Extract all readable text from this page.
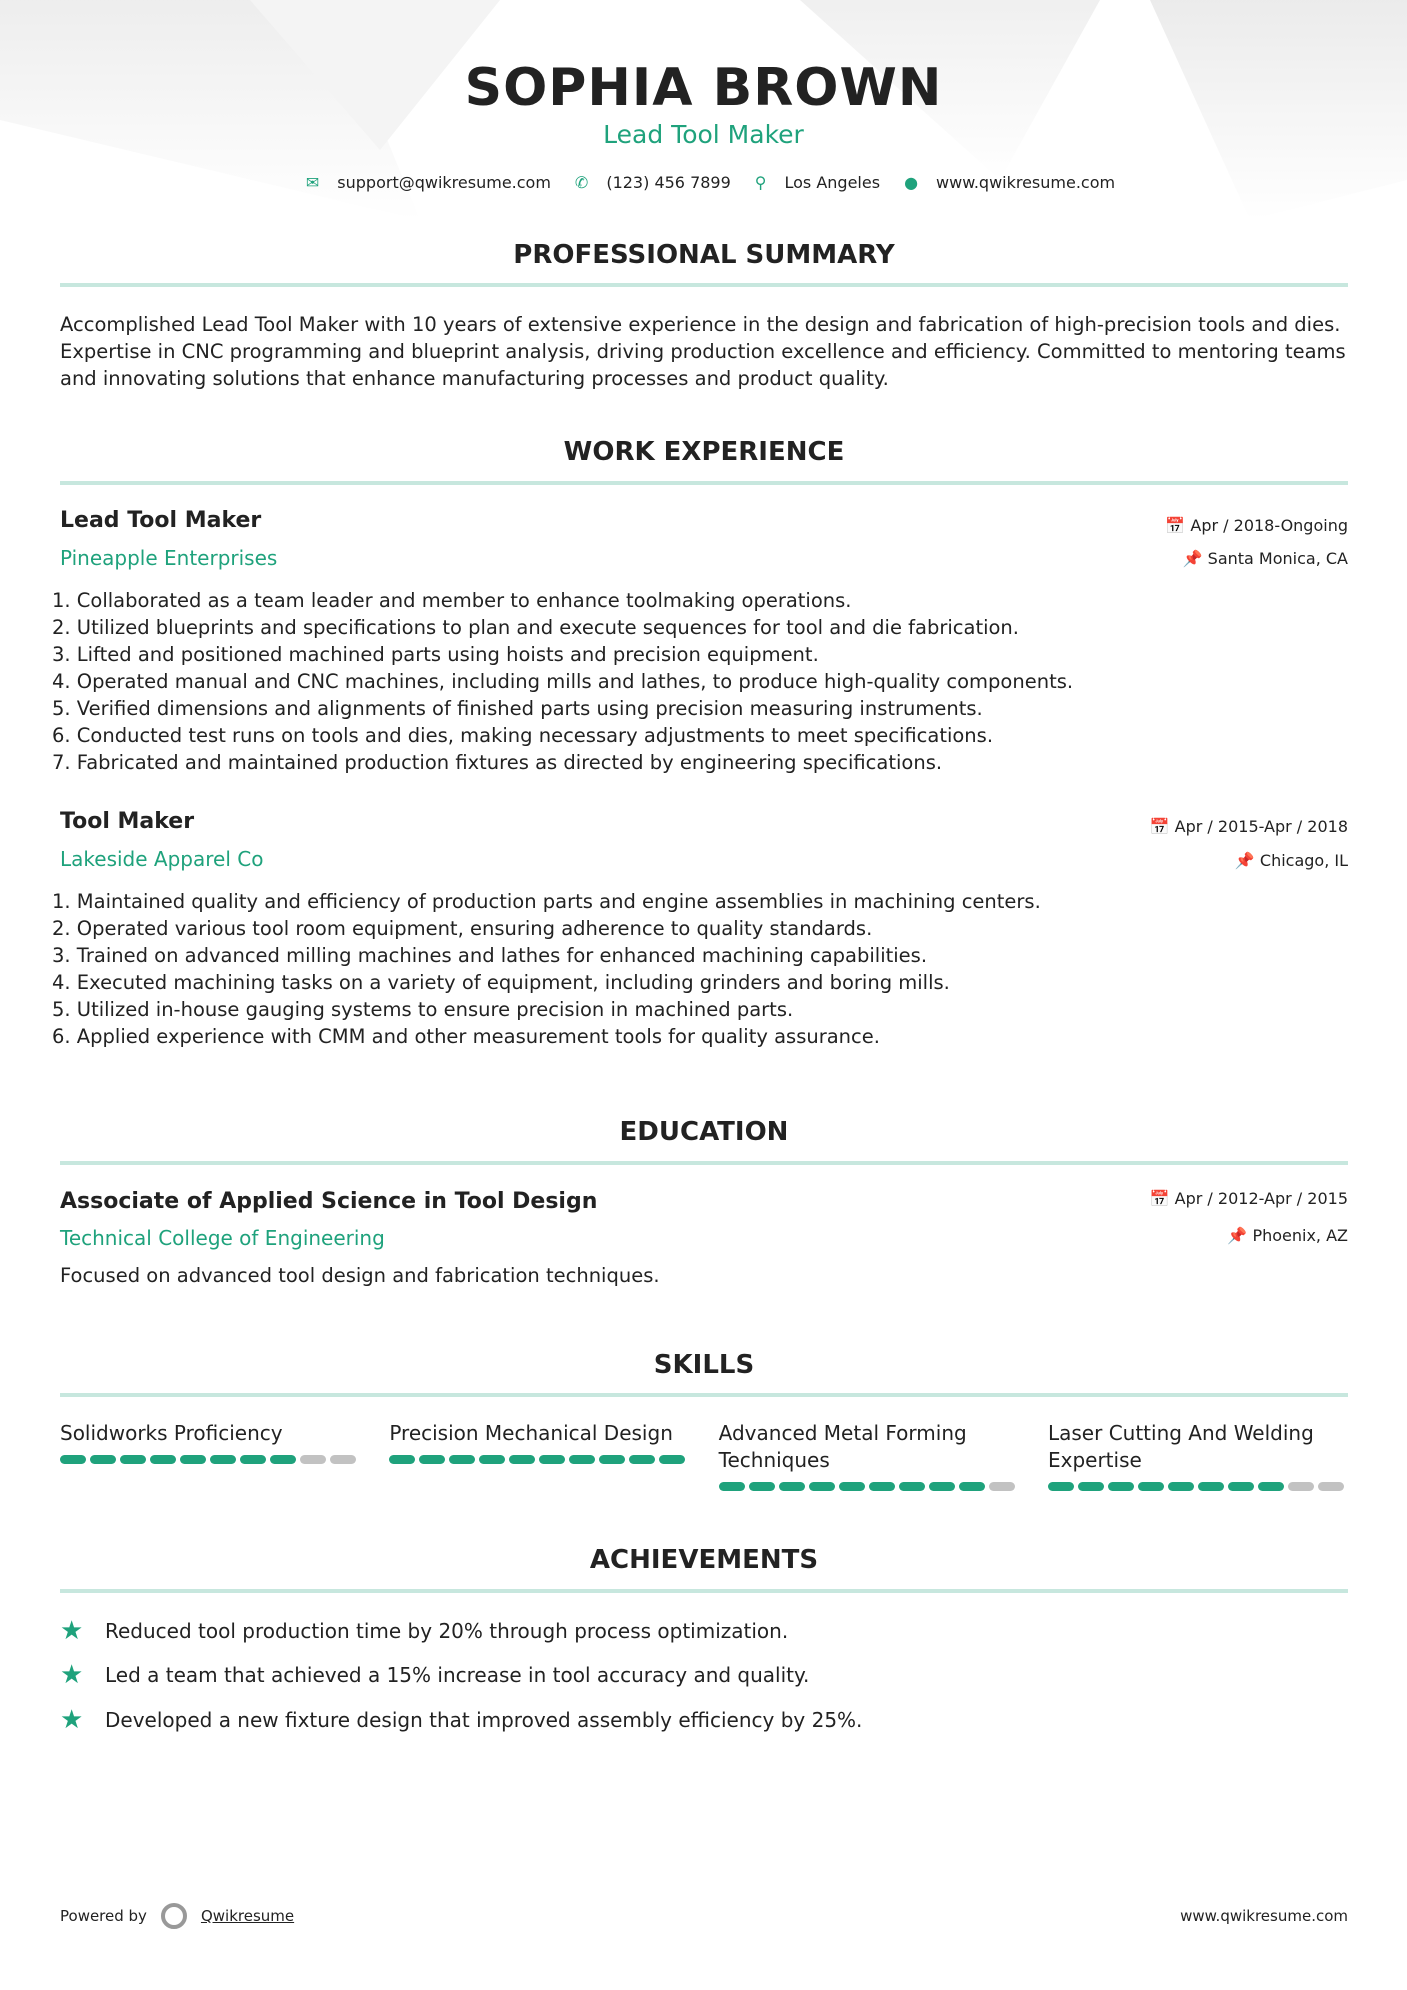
SOPHIA BROWN
Lead Tool Maker
✉ support@qwikresume.com ✆ (123) 456 7899 ⚲ Los Angeles ● www.qwikresume.com
PROFESSIONAL SUMMARY
Accomplished Lead Tool Maker with 10 years of extensive experience in the design and fabrication of high-precision tools and dies. Expertise in CNC programming and blueprint analysis, driving production excellence and efficiency. Committed to mentoring teams and innovating solutions that enhance manufacturing processes and product quality.
WORK EXPERIENCE
Lead Tool Maker
Pineapple Enterprises
📅 Apr / 2018-Ongoing
📌 Santa Monica, CA
1. Collaborated as a team leader and member to enhance toolmaking operations.
2. Utilized blueprints and specifications to plan and execute sequences for tool and die fabrication.
3. Lifted and positioned machined parts using hoists and precision equipment.
4. Operated manual and CNC machines, including mills and lathes, to produce high-quality components.
5. Verified dimensions and alignments of finished parts using precision measuring instruments.
6. Conducted test runs on tools and dies, making necessary adjustments to meet specifications.
7. Fabricated and maintained production fixtures as directed by engineering specifications.
Tool Maker
Lakeside Apparel Co
📅 Apr / 2015-Apr / 2018
📌 Chicago, IL
1. Maintained quality and efficiency of production parts and engine assemblies in machining centers.
2. Operated various tool room equipment, ensuring adherence to quality standards.
3. Trained on advanced milling machines and lathes for enhanced machining capabilities.
4. Executed machining tasks on a variety of equipment, including grinders and boring mills.
5. Utilized in-house gauging systems to ensure precision in machined parts.
6. Applied experience with CMM and other measurement tools for quality assurance.
EDUCATION
Associate of Applied Science in Tool Design
Technical College of Engineering
📅 Apr / 2012-Apr / 2015
📌 Phoenix, AZ
Focused on advanced tool design and fabrication techniques.
SKILLS
Solidworks Proficiency	Precision Mechanical Design	Advanced Metal Forming Techniques
Laser Cutting And Welding Expertise
ACHIEVEMENTS
★	Reduced tool production time by 20% through process optimization.
★	Led a team that achieved a 15% increase in tool accuracy and quality.
★	Developed a new fixture design that improved assembly efficiency by 25%.
Powered by	Qwikresume	www.qwikresume.com
